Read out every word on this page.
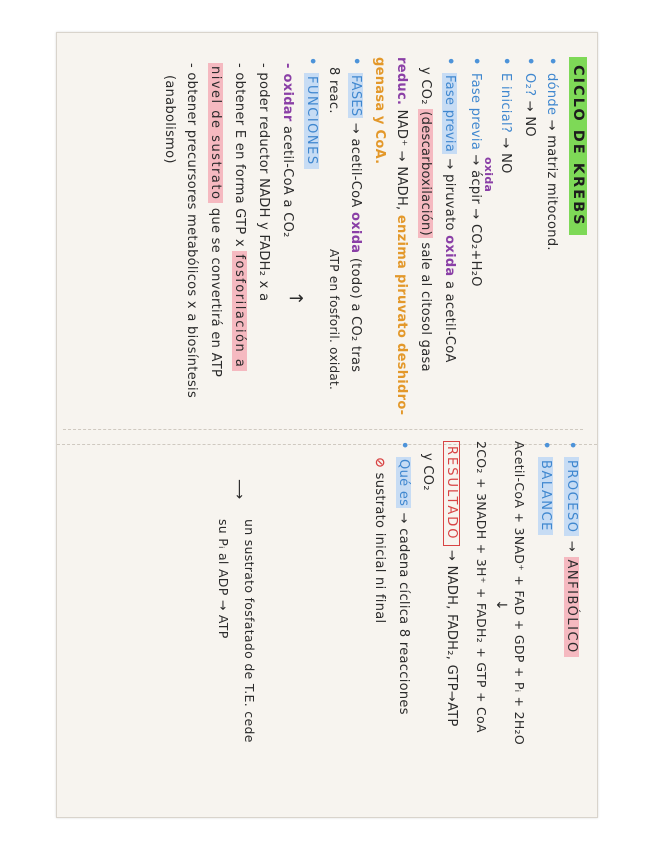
CICLO DE KREBS
• dónde → matriz mitocond.
• O₂? → NO
• E inicial? → NO
oxida
• Fase previa → ácpir → CO₂+H₂O
• Fase previa → piruvato oxida a acetil-CoA
y CO₂ (descarboxilación) sale al citosol gasa
reduc. NAD⁺ → NADH, enzima piruvato deshidro-
genasa y CoA.
• FASES → acetil-CoA oxida (todo) a CO₂ tras
8 reac.
ATP en fosforil. oxidat.
• FUNCIONES
- oxidar acetil-CoA a CO₂
→
- poder reductor NADH y FADH₂ x a
- obtener E en forma GTP x fosforilación a
nivel de sustrato que se convertirá en ATP
- obtener precursores metabólicos x a biosíntesis
(anabolismo)
• PROCESO → ANFIBÓLICO
• BALANCE
Acetil-CoA + 3NAD⁺ + FAD + GDP + Pᵢ + 2H₂O
↓
2CO₂ + 3NADH + 3H⁺ + FADH₂ + GTP + CoA
RESULTADO → NADH, FADH₂, GTP→ATP
y CO₂
• Qué es → cadena cíclica 8 reacciones
⊘ sustrato inicial ni final
⟶
un sustrato fosfatado de T.E. cede
su Pᵢ al ADP → ATP
